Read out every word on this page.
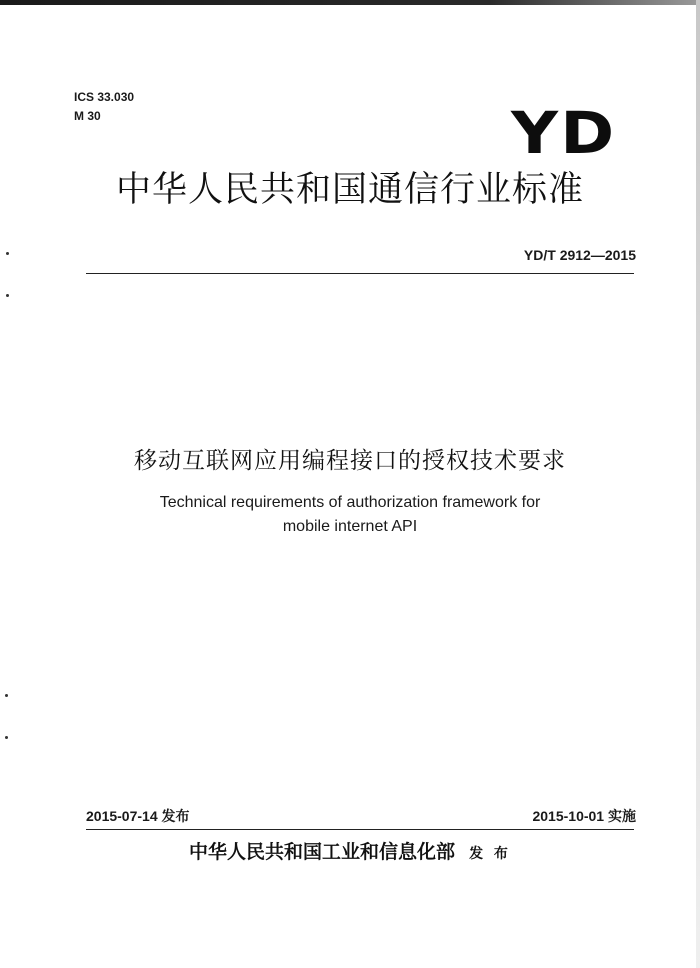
ICS 33.030
M 30	YD
中华人民共和国通信行业标准
YD/T 2912—2015
移动互联网应用编程接口的授权技术要求
Technical requirements of authorization framework for
mobile internet API
2015-07-14 发布	2015-10-01 实施
中华人民共和国工业和信息化部 发 布
